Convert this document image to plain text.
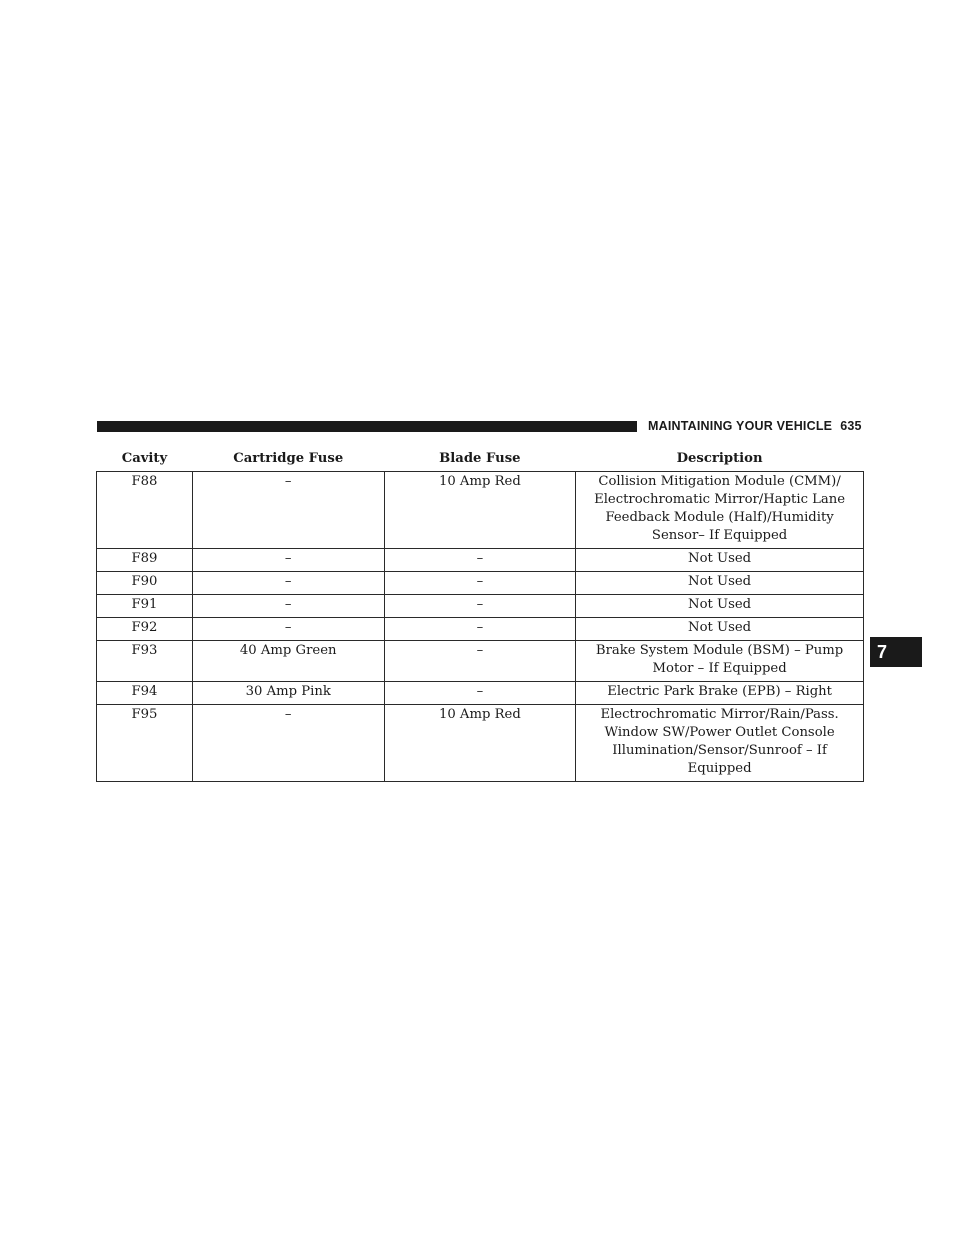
MAINTAINING YOUR VEHICLE 635
7
Cavity	Cartridge Fuse	Blade Fuse	Description
F88	–	10 Amp Red	Collision Mitigation Module (CMM)/ Electrochromatic Mirror/Haptic Lane Feedback Module (Half)/Humidity Sensor– If Equipped
F89	–	–	Not Used
F90	–	–	Not Used
F91	–	–	Not Used
F92	–	–	Not Used
F93	40 Amp Green	–	Brake System Module (BSM) – Pump Motor – If Equipped
F94	30 Amp Pink	–	Electric Park Brake (EPB) – Right
F95	–	10 Amp Red	Electrochromatic Mirror/Rain/Pass. Window SW/Power Outlet Console Illumination/Sensor/Sunroof – If Equipped
